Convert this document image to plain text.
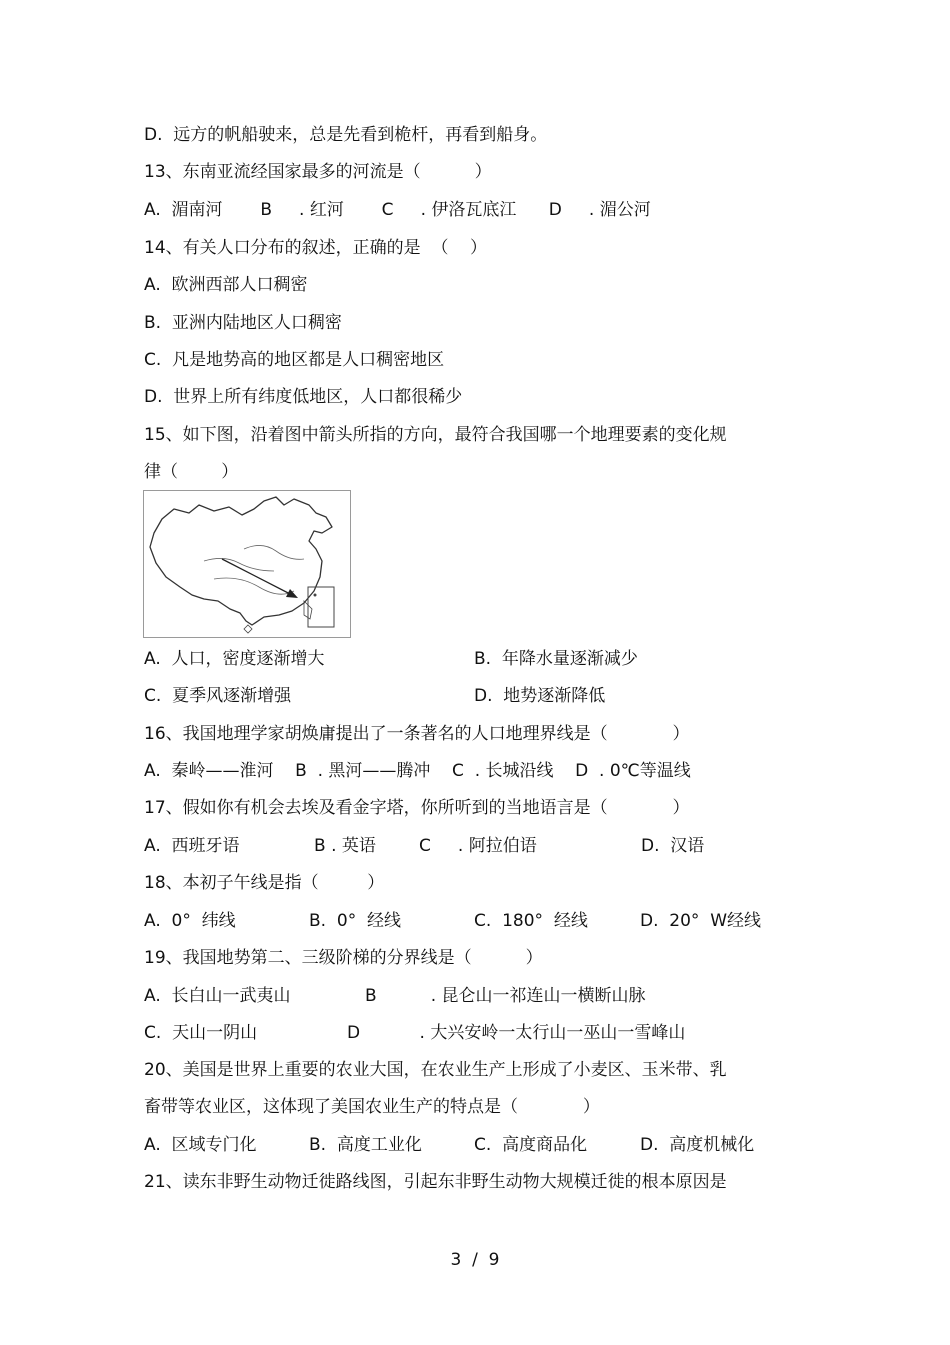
D.  远方的帆船驶来，总是先看到桅杆，再看到船身。
13、东南亚流经国家最多的河流是（          ）
A.  湄南河       B     . 红河       C     . 伊洛瓦底江      D     . 湄公河
14、有关人口分布的叙述，正确的是  （    ）
A.  欧洲西部人口稠密
B.  亚洲内陆地区人口稠密
C.  凡是地势高的地区都是人口稠密地区
D.  世界上所有纬度低地区，人口都很稀少
15、如下图，沿着图中箭头所指的方向，最符合我国哪一个地理要素的变化规
律（        ）
A.  人口，密度逐渐增大	B.  年降水量逐渐减少
C.  夏季风逐渐增强	D.  地势逐渐降低
16、我国地理学家胡焕庸提出了一条著名的人口地理界线是（            ）
A.  秦岭——淮河    B  . 黑河——腾冲    C  . 长城沿线    D  . 0℃等温线
17、假如你有机会去埃及看金字塔，你所听到的当地语言是（            ）
A.  西班牙语	B . 英语	C     . 阿拉伯语	D.  汉语
18、本初子午线是指（         ）
A.  0°  纬线	B.  0°  经线	C.  180°  经线	D.  20°  W经线
19、我国地势第二、三级阶梯的分界线是（          ）
A.  长白山一武夷山	B          . 昆仑山一祁连山一横断山脉
C.  天山一阴山	D           . 大兴安岭一太行山一巫山一雪峰山
20、美国是世界上重要的农业大国，在农业生产上形成了小麦区、玉米带、乳
畜带等农业区，这体现了美国农业生产的特点是（            ）
A.  区域专门化	B.  高度工业化	C.  高度商品化	D.  高度机械化
21、读东非野生动物迁徙路线图，引起东非野生动物大规模迁徙的根本原因是
3  /  9
